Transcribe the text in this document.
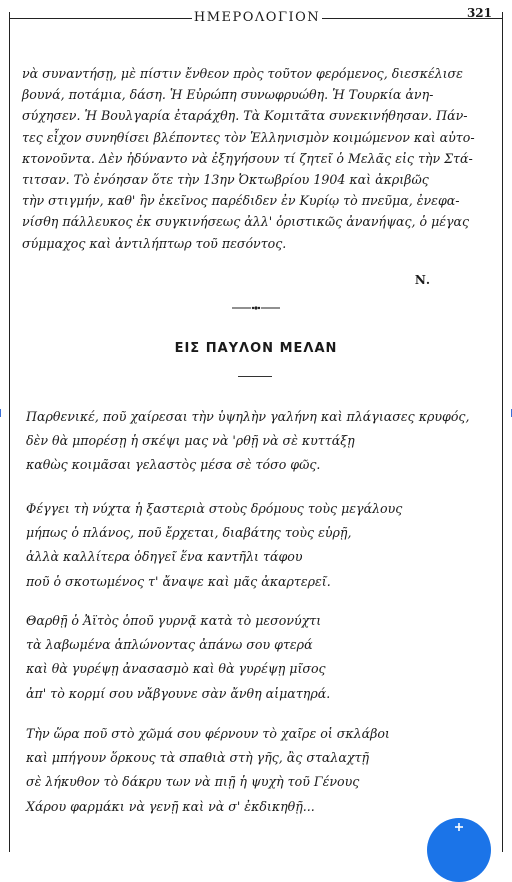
ΗΜΕΡΟΛΟΓΙΟΝ	321

νὰ συναντήσῃ, μὲ πίστιν ἔνθεον πρὸς τοῦτον φερόμενος, διεσκέλισε

βουνά, ποτάμια, δάση. Ἡ Εὐρώπη συνωφρυώθη. Ἡ Τουρκία ἀνη-

σύχησεν. Ἡ Βουλγαρία ἐταράχθη. Τὰ Κομιτᾶτα συνεκινήθησαν. Πάν-

τες εἶχον συνηθίσει βλέποντες τὸν Ἑλληνισμὸν κοιμώμενον καὶ αὐτο-

κτονοῦντα. Δὲν ἠδύναντο νὰ ἐξηγήσουν τί ζητεῖ ὁ Μελᾶς εἰς τὴν Στά-

τιτσαν. Τὸ ἐνόησαν ὅτε τὴν 13ην Ὀκτωβρίου 1904 καὶ ἀκριβῶς

τὴν στιγμήν, καθ' ἣν ἐκεῖνος παρέδιδεν ἐν Κυρίῳ τὸ πνεῦμα, ἐνεφα-

νίσθη πάλλευκος ἐκ συγκινήσεως ἀλλ' ὁριστικῶς ἀνανήψας, ὁ μέγας

σύμμαχος καὶ ἀντιλήπτωρ τοῦ πεσόντος.

Ν.
ΕΙΣ ΠΑΥΛΟΝ ΜΕΛΑΝ

Παρθενικέ, ποῦ χαίρεσαι τὴν ὑψηλὴν γαλήνη καὶ πλάγιασες κρυφός,

δὲν θὰ μπορέσῃ ἡ σκέψι μας νὰ 'ρθῇ νὰ σὲ κυττάξῃ

καθὼς κοιμᾶσαι γελαστὸς μέσα σὲ τόσο φῶς.

Φέγγει τὴ νύχτα ἡ ξαστεριὰ στοὺς δρόμους τοὺς μεγάλους

μήπως ὁ πλάνος, ποῦ ἔρχεται, διαβάτης τοὺς εὑρῇ,

ἀλλὰ καλλίτερα ὁδηγεῖ ἕνα καντῆλι τάφου

ποῦ ὁ σκοτωμένος τ' ἄναψε καὶ μᾶς ἀκαρτερεῖ.

Θαρθῇ ὁ Ἀϊτὸς ὁποῦ γυρνᾷ κατὰ τὸ μεσονύχτι

τὰ λαβωμένα ἁπλώνοντας ἀπάνω σου φτερά

καὶ θὰ γυρέψῃ ἀνασασμὸ καὶ θὰ γυρέψῃ μῖσος

ἀπ' τὸ κορμί σου νἄβγουνε σὰν ἄνθη αἱματηρά.

Τὴν ὥρα ποῦ στὸ χῶμά σου φέρνουν τὸ χαῖρε οἱ σκλάβοι

καὶ μπήγουν ὅρκους τὰ σπαθιὰ στὴ γῆς, ἂς σταλαχτῇ

σὲ λήκυθον τὸ δάκρυ των νὰ πιῇ ἡ ψυχὴ τοῦ Γένους

Χάρου φαρμάκι νὰ γενῇ καὶ νὰ σ' ἐκδικηθῇ...
